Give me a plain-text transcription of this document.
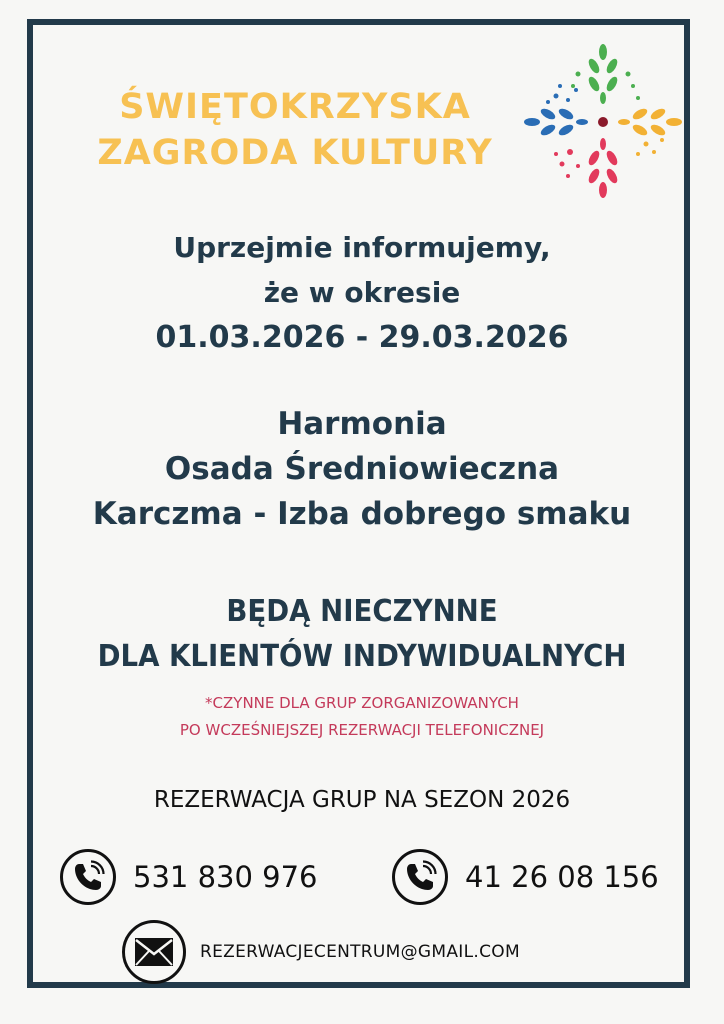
ŚWIĘTOKRZYSKA
ZAGRODA KULTURY
Uprzejmie informujemy,
że w okresie
01.03.2026 - 29.03.2026
Harmonia
Osada Średniowieczna
Karczma - Izba dobrego smaku
BĘDĄ NIECZYNNE
DLA KLIENTÓW INDYWIDUALNYCH
*CZYNNE DLA GRUP ZORGANIZOWANYCH
PO WCZEŚNIEJSZEJ REZERWACJI TELEFONICZNEJ
REZERWACJA GRUP NA SEZON 2026
531 830 976	41 26 08 156
REZERWACJECENTRUM@GMAIL.COM
